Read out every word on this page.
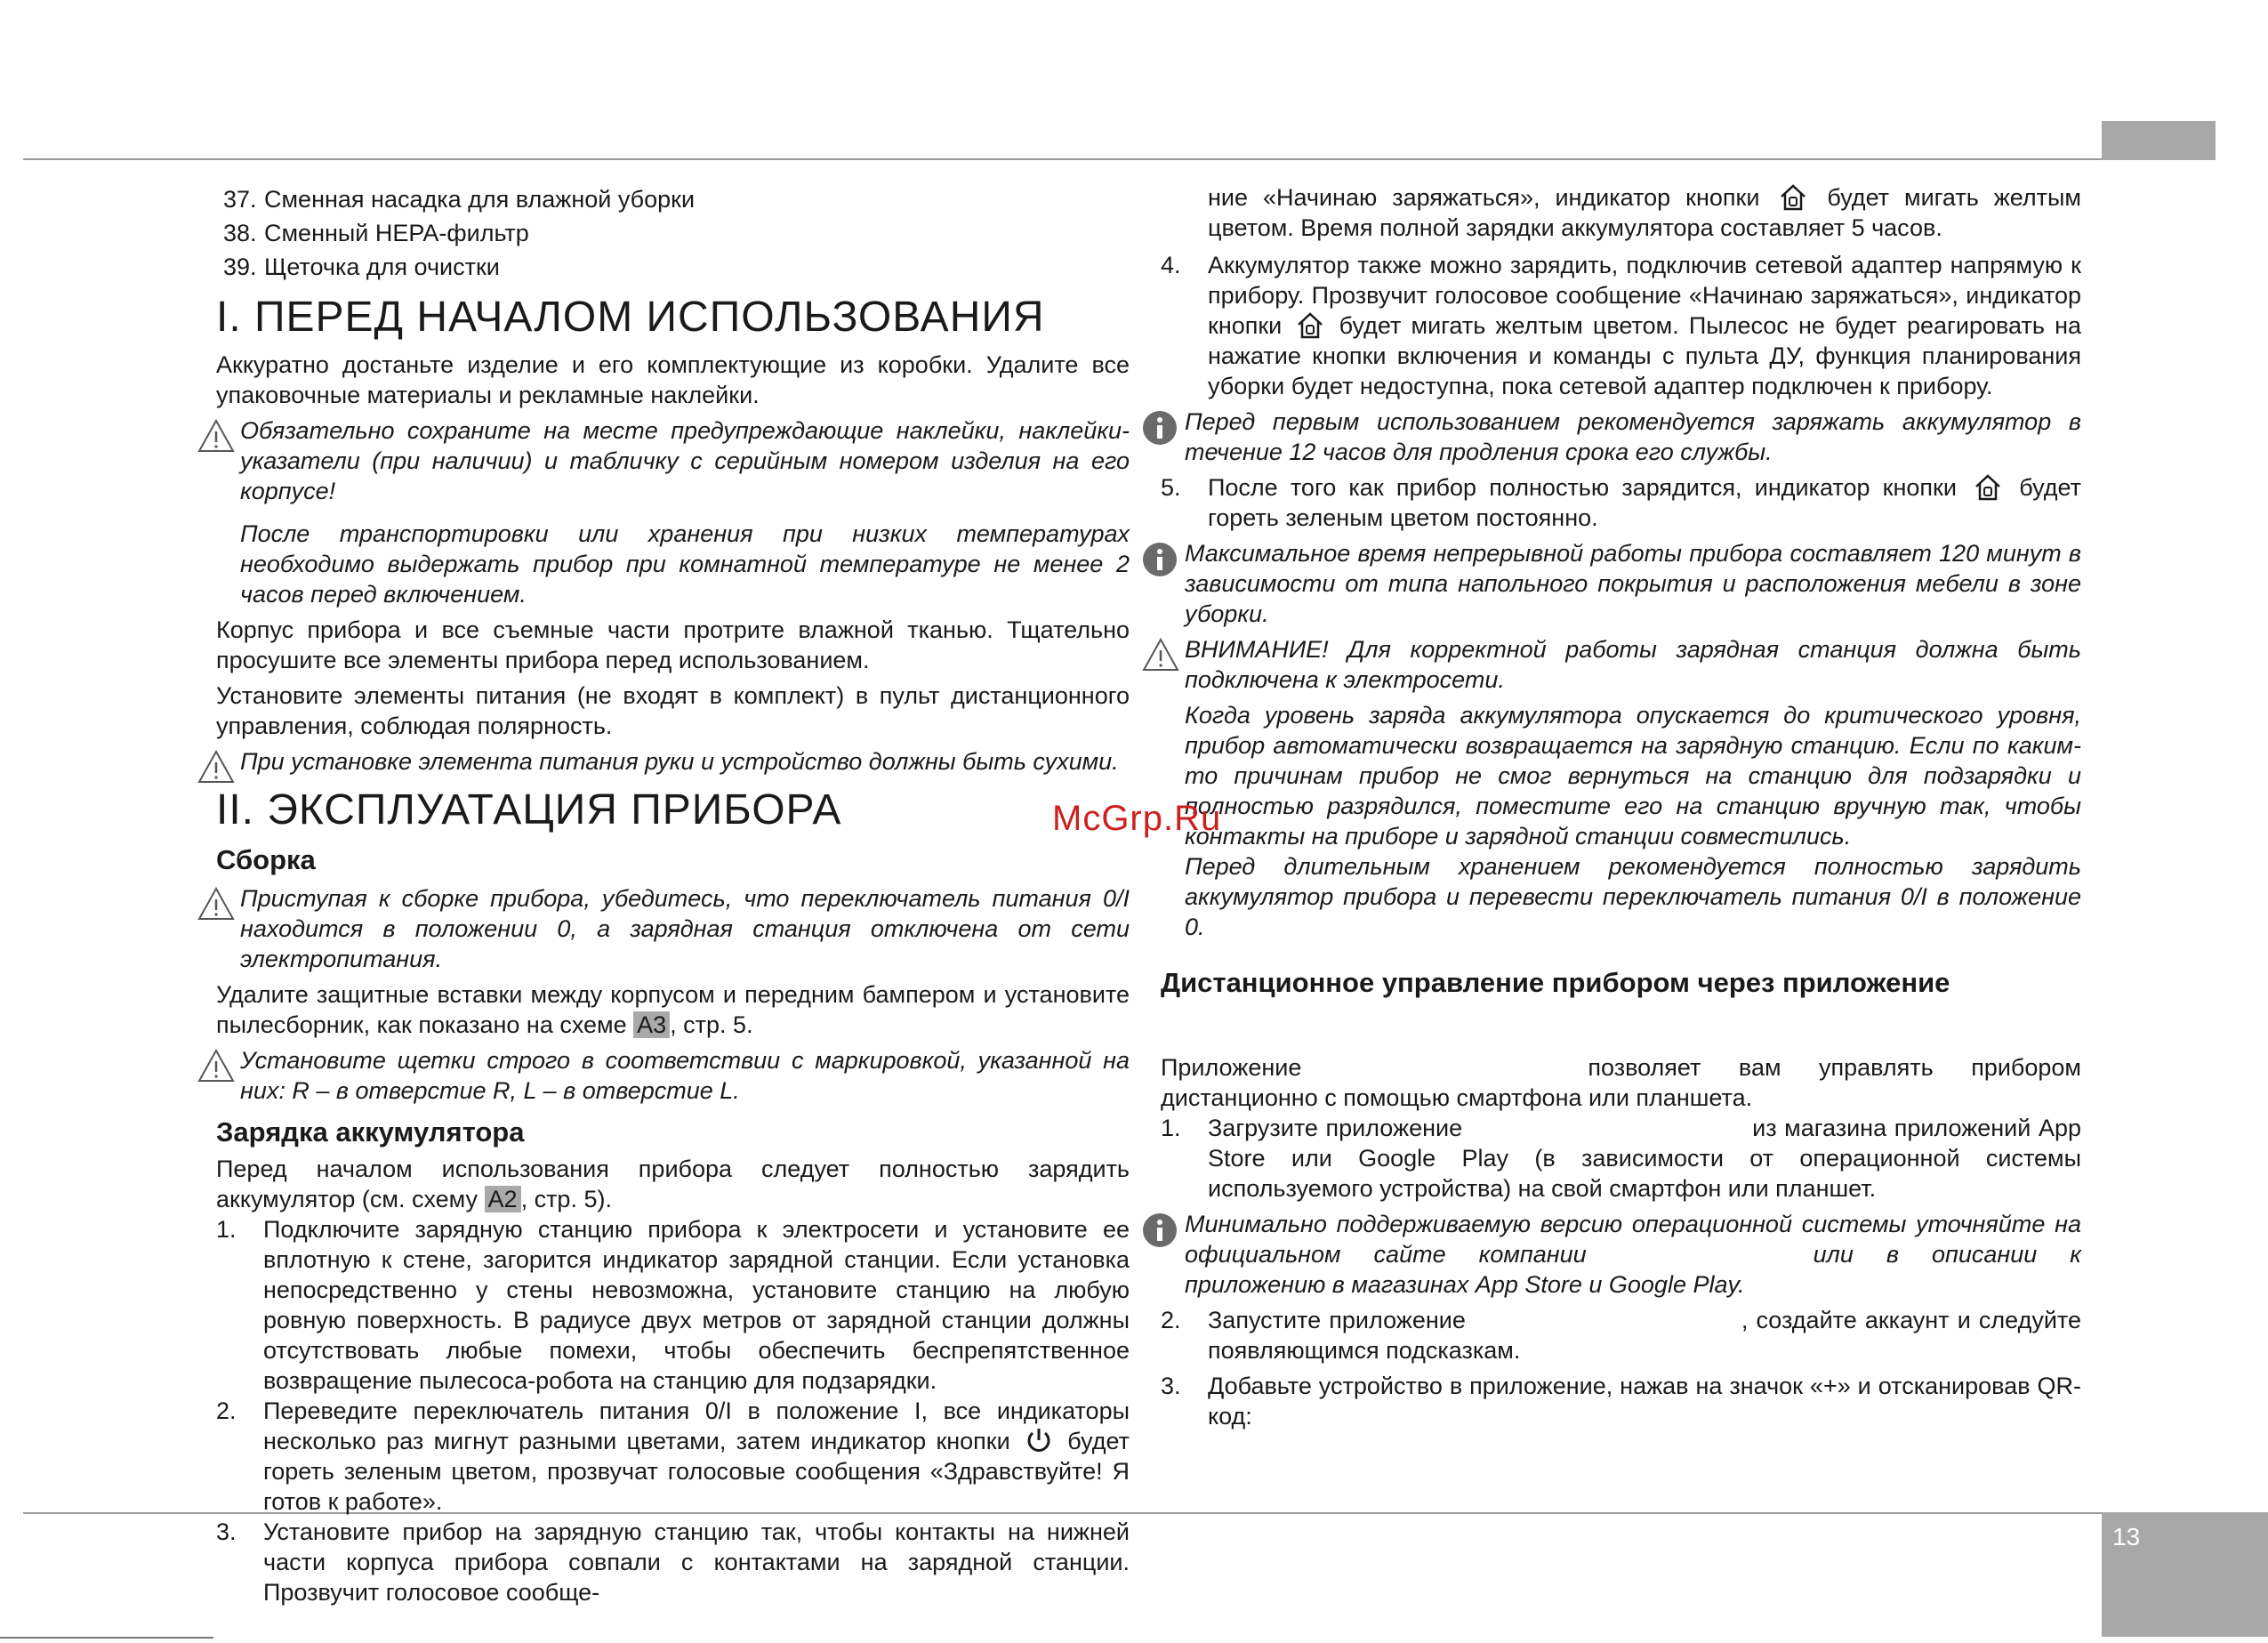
13
37. Сменная насадка для влажной уборки
38. Сменный HEPA-фильтр
39. Щеточка для очистки
I. ПЕРЕД НАЧАЛОМ ИСПОЛЬЗОВАНИЯ

Аккуратно достаньте изделие и его комплектующие из коробки. Удалите все упаковочные материалы и рекламные наклейки.

Обязательно сохраните на месте предупреждающие наклейки, наклейки-указатели (при наличии) и табличку с серийным номером изделия на его корпусе!
После транспортировки или хранения при низких температурах необходимо выдержать прибор при комнатной температуре не менее 2 часов перед включением.

Корпус прибора и все съемные части протрите влажной тканью. Тщательно просушите все элементы прибора перед использованием.

Установите элементы питания (не входят в комплект) в пульт дистанционного управления, соблюдая полярность.

При установке элемента питания руки и устройство должны быть сухими.
II. ЭКСПЛУАТАЦИЯ ПРИБОРА
Сборка
Приступая к сборке прибора, убедитесь, что переключатель питания 0/I находится в положении 0, а зарядная станция отключена от сети электропитания.

Удалите защитные вставки между корпусом и передним бампером и установите пылесборник, как показано на схеме A3 , стр. 5.

Установите щетки строго в соответствии с маркировкой, указанной на них: R – в отверстие R, L – в отверстие L.
Зарядка аккумулятора

Перед началом использования прибора следует полностью зарядить аккумулятор (см. схему A2 , стр. 5).

1.	Подключите зарядную станцию прибора к электросети и установите ее вплотную к стене, загорится индикатор зарядной станции. Если установка непосредственно у стены невозможна, установите станцию на любую ровную поверхность. В радиусе двух метров от зарядной станции должны отсутствовать любые помехи, чтобы обеспечить беспрепятственное возвращение пылесоса-робота на станцию для подзарядки.
2.	Переведите переключатель питания 0/I в положение I, все индикаторы несколько раз мигнут разными цветами, затем индикатор кнопки  будет гореть зеленым цветом, прозвучат голосовые сообщения «Здравствуйте! Я готов к работе».
3.	Установите прибор на зарядную станцию так, чтобы контакты на нижней части корпуса прибора совпали с контактами на зарядной станции. Прозвучит голосовое сообще-
ние «Начинаю заряжаться», индикатор кнопки  будет мигать желтым цветом. Время полной зарядки аккумулятора составляет 5 часов.
4.	Аккумулятор также можно зарядить, подключив сетевой адаптер напрямую к прибору. Прозвучит голосовое сообщение «Начинаю заряжаться», индикатор кнопки  будет мигать желтым цветом. Пылесос не будет реагировать на нажатие кнопки включения и команды с пульта ДУ, функция планирования уборки будет недоступна, пока сетевой адаптер подключен к прибору.
Перед первым использованием рекомендуется заряжать аккумулятор в течение 12 часов для продления срока его службы.
5.	После того как прибор полностью зарядится, индикатор кнопки  будет гореть зеленым цветом постоянно.
Максимальное время непрерывной работы прибора составляет 120 минут в зависимости от типа напольного покрытия и расположения мебели в зоне уборки.
ВНИМАНИЕ! Для корректной работы зарядная станция должна быть подключена к электросети.
Когда уровень заряда аккумулятора опускается до критического уровня, прибор автоматически возвращается на зарядную станцию. Если по каким-то причинам прибор не смог вернуться на станцию для подзарядки и полностью разрядился, поместите его на станцию вручную так, чтобы контакты на приборе и зарядной станции совместились.
Перед длительным хранением рекомендуется полностью зарядить аккумулятор прибора и перевести переключатель питания 0/I в положение 0.
Дистанционное управление прибором через приложение

Приложение	позволяет вам управлять прибором дистанционно с помощью смартфона или планшета.

1.	Загрузите приложение	из магазина приложений App Store или Google Play (в зависимости от операционной системы используемого устройства) на свой смартфон или планшет.
Минимально поддерживаемую версию операционной системы уточняйте на официальном сайте компании	или в описании к приложению в магазинах App Store и Google Play.
2.	Запустите приложение	, создайте аккаунт и следуйте появляющимся подсказкам.
3.	Добавьте устройство в приложение, нажав на значок «+» и отсканировав QR-код:
McGrp.Ru
